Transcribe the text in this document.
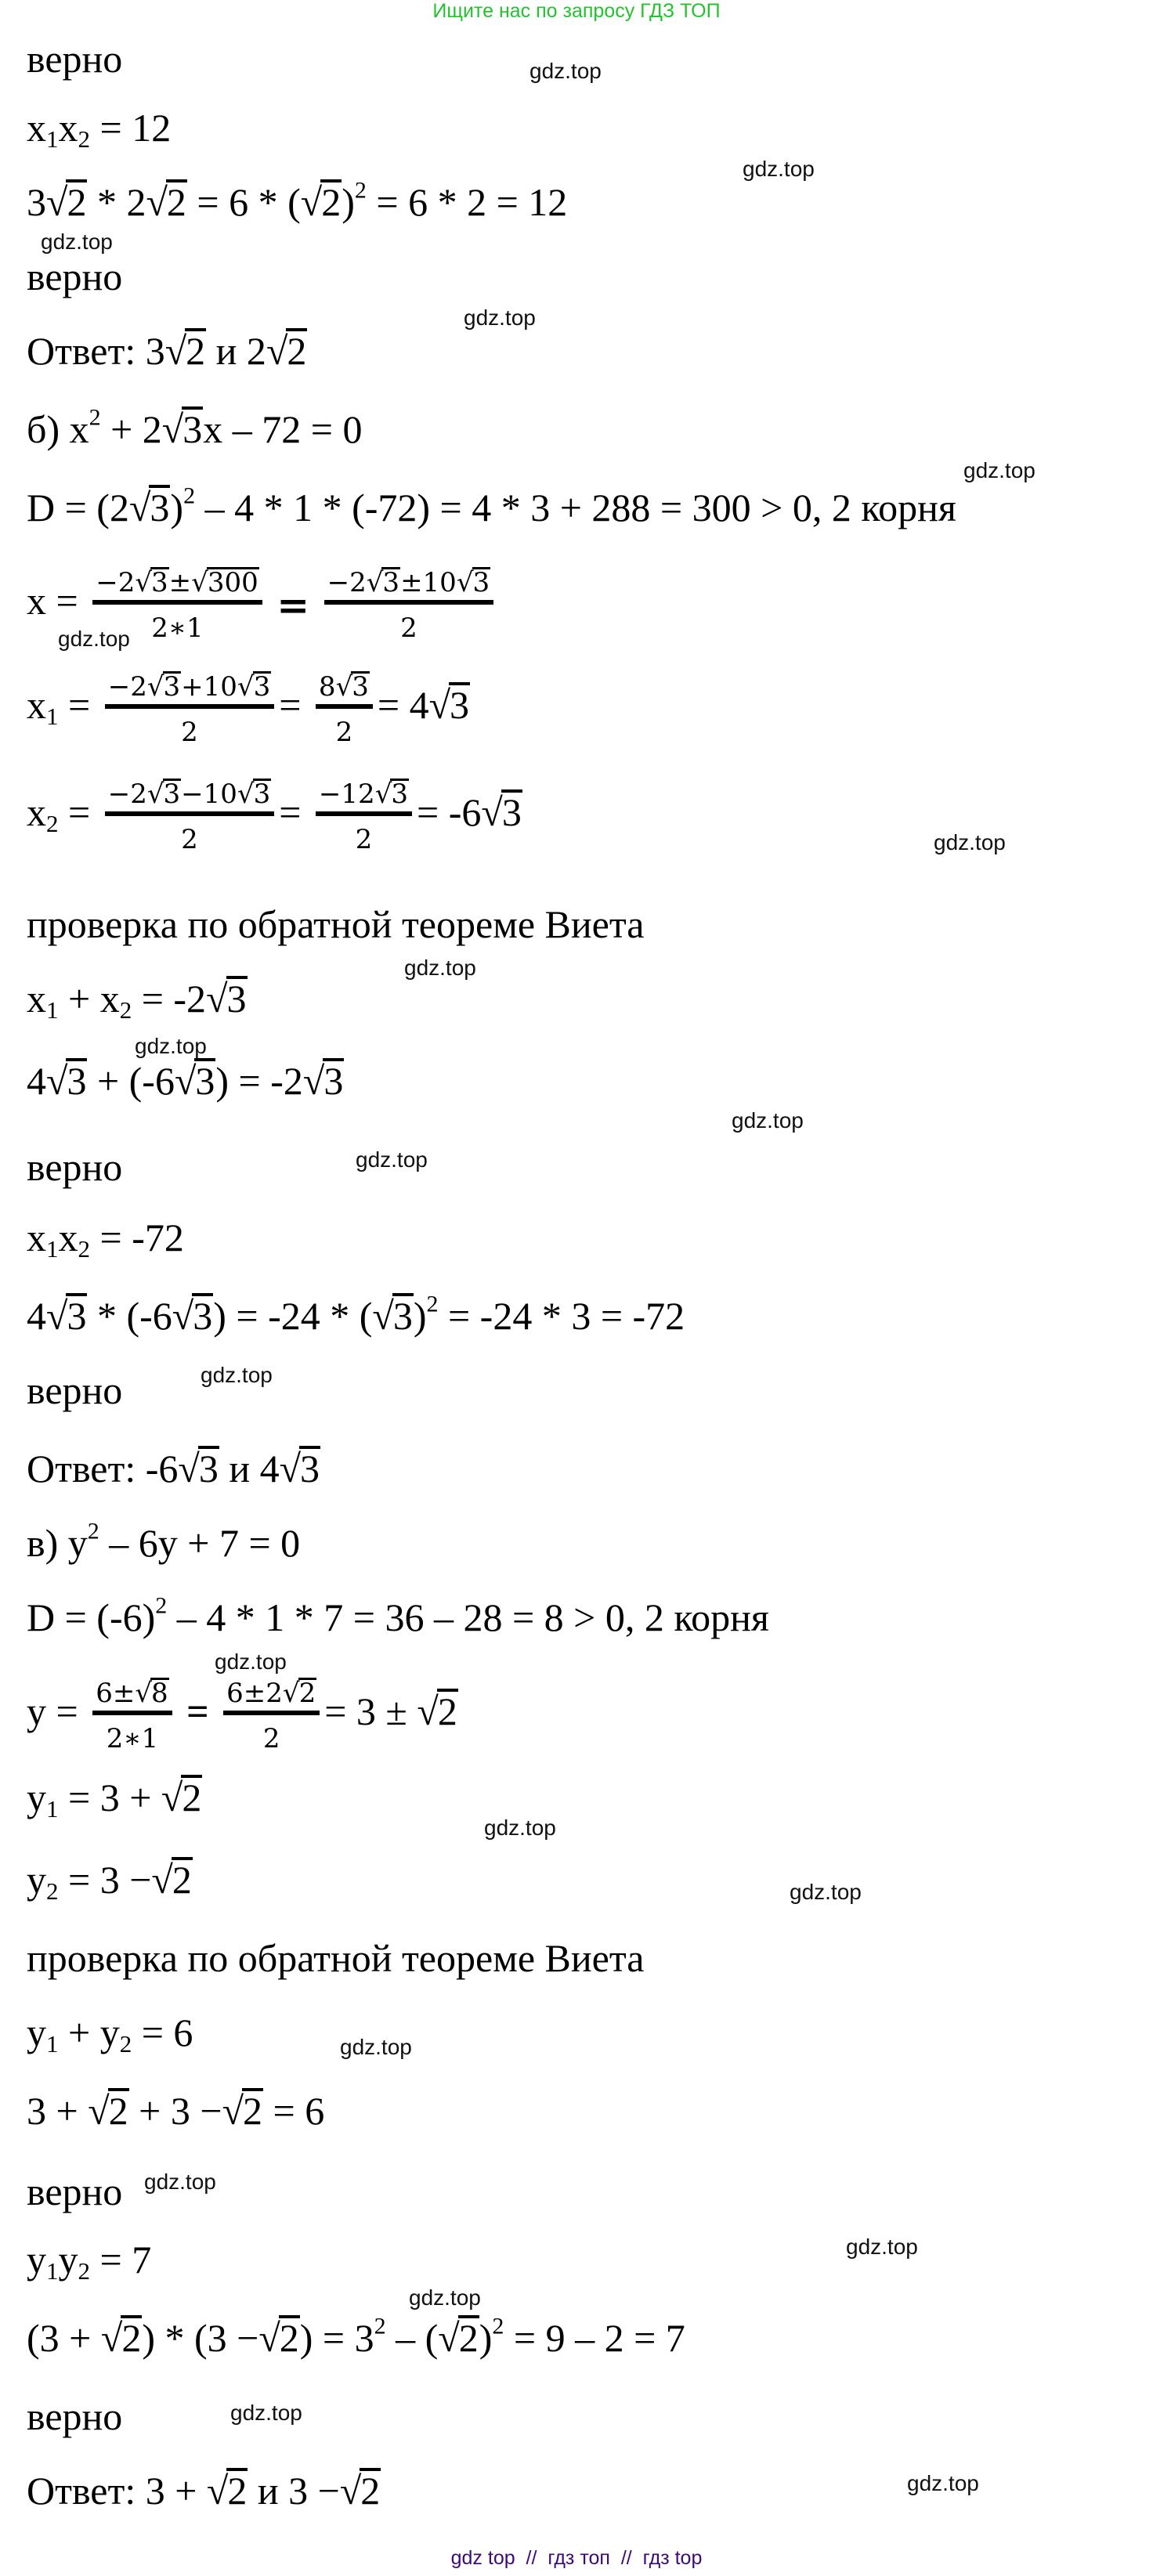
Ищите нас по запросу ГДЗ ТОП
верно
$x_1x_2 = 12$
$3√2 * 2√2 = 6 * (√2)^2 = 6 * 2 = 12$
верно
Ответ: 3√2 и 2√2
б) $x^2 + 2√3x - 72 = 0$
$D = (2√3)^2 - 4 * 1 * (-72) = 4 * 3 + 288 = 300 > 0$, 2 корня
x = −2√3±√300
2∗1
=
−2√3±10√3
2
$x_1 = -2√3+10√3$
2
= 8√3
2
= 4√3
$x_2 = -2√3-10√3$
2
= −12√3
2
= -6√3
проверка по обратной теореме Виета
$x_1 + x_2 = -2√3$
4√3 + (-6√3) = -2√3
верно
$x_1x_2 = -72$
$4√3 * (-6√3) = -24 * (√3)^2 = -24 * 3 = -72$
верно
Ответ: -6√3 и 4√3
в) $y^2 - 6y + 7 = 0$
$D = (-6)^2 - 4 * 1 * 7 = 36 - 28 = 8 > 0$, 2 корня
y = 6±√8
2∗1
= 6±2√2
2
= 3 ± √2
$y_1 = 3 + √2$
$y_2 = 3 -√2$
проверка по обратной теореме Виета
$y_1 + y_2 = 6$
3 + √2 + 3 −√2 = 6
верно
$y_1y_2 = 7$
$(3 + √2) * (3 -√2) = 3^2 - (√2)^2 = 9 - 2 = 7$
верно
Ответ: 3 + √2 и 3 −√2
gdz.top
gdz.top
gdz.top
gdz.top
gdz.top
gdz.top
gdz.top
gdz.top
gdz.top
gdz.top
gdz.top
gdz.top
gdz.top
gdz.top
gdz.top
gdz.top
gdz.top
gdz.top
gdz.top
gdz.top
gdz.top
gdz top  //  гдз топ  //  гдз top
